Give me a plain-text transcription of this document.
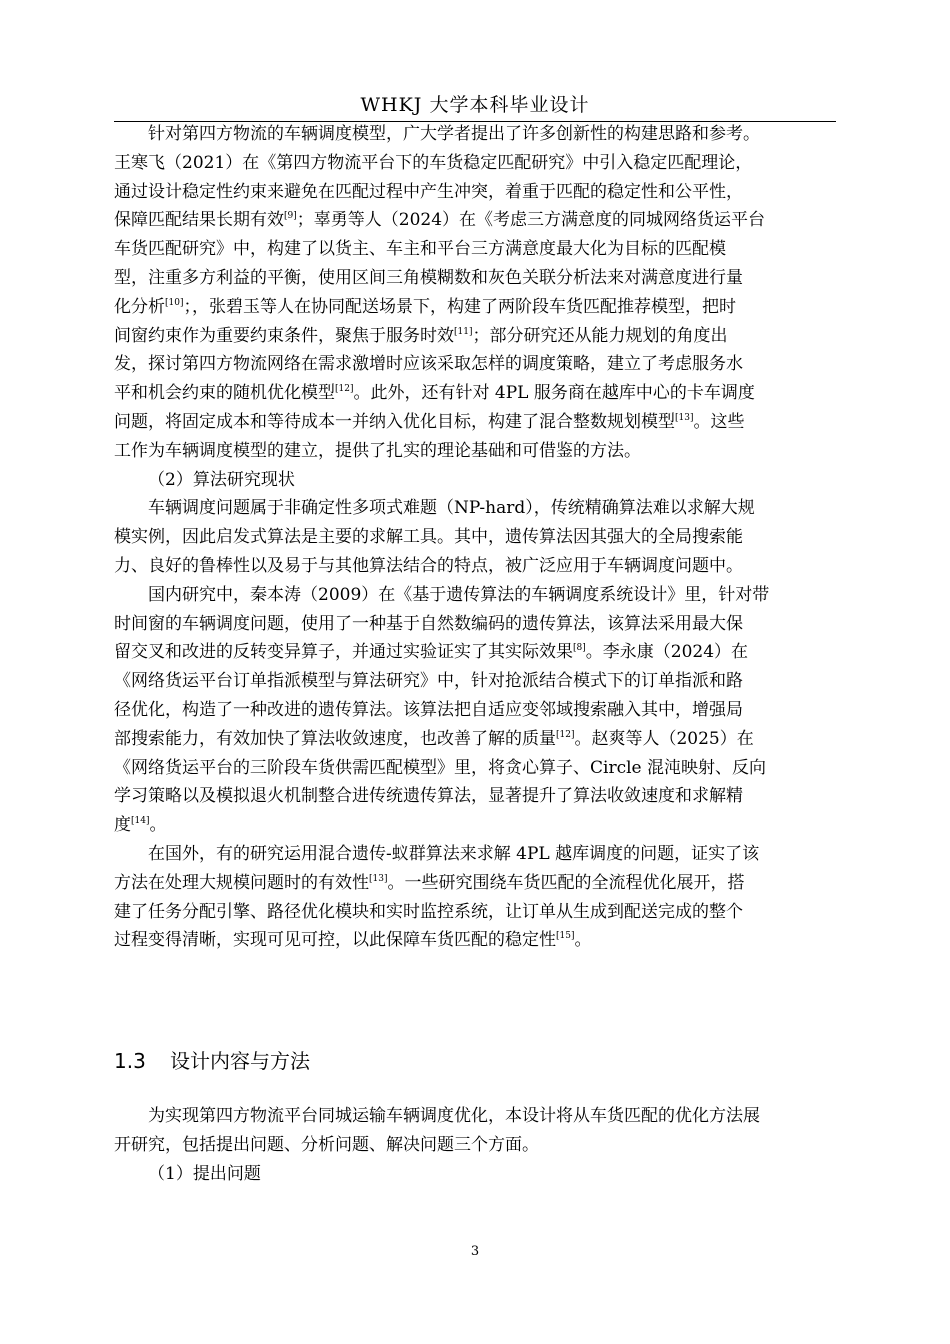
WHKJ 大学本科毕业设计
针对第四方物流的车辆调度模型，广大学者提出了许多创新性的构建思路和参考。
王寒飞（2021）在《第四方物流平台下的车货稳定匹配研究》中引入稳定匹配理论，
通过设计稳定性约束来避免在匹配过程中产生冲突，着重于匹配的稳定性和公平性，
保障匹配结果长期有效[9]；辜勇等人（2024）在《考虑三方满意度的同城网络货运平台
车货匹配研究》中，构建了以货主、车主和平台三方满意度最大化为目标的匹配模
型，注重多方利益的平衡，使用区间三角模糊数和灰色关联分析法来对满意度进行量
化分析[10]；，张碧玉等人在协同配送场景下，构建了两阶段车货匹配推荐模型，把时
间窗约束作为重要约束条件，聚焦于服务时效[11]；部分研究还从能力规划的角度出
发，探讨第四方物流网络在需求激增时应该采取怎样的调度策略，建立了考虑服务水
平和机会约束的随机优化模型[12]。此外，还有针对 4PL 服务商在越库中心的卡车调度
问题，将固定成本和等待成本一并纳入优化目标，构建了混合整数规划模型[13]。这些
工作为车辆调度模型的建立，提供了扎实的理论基础和可借鉴的方法。
（2）算法研究现状
车辆调度问题属于非确定性多项式难题（NP-hard），传统精确算法难以求解大规
模实例，因此启发式算法是主要的求解工具。其中，遗传算法因其强大的全局搜索能
力、良好的鲁棒性以及易于与其他算法结合的特点，被广泛应用于车辆调度问题中。
国内研究中，秦本涛（2009）在《基于遗传算法的车辆调度系统设计》里，针对带
时间窗的车辆调度问题，使用了一种基于自然数编码的遗传算法，该算法采用最大保
留交叉和改进的反转变异算子，并通过实验证实了其实际效果[8]。李永康（2024）在
《网络货运平台订单指派模型与算法研究》中，针对抢派结合模式下的订单指派和路
径优化，构造了一种改进的遗传算法。该算法把自适应变邻域搜索融入其中，增强局
部搜索能力，有效加快了算法收敛速度，也改善了解的质量[12]。赵爽等人（2025）在
《网络货运平台的三阶段车货供需匹配模型》里，将贪心算子、Circle 混沌映射、反向
学习策略以及模拟退火机制整合进传统遗传算法，显著提升了算法收敛速度和求解精
度[14]。
在国外，有的研究运用混合遗传-蚁群算法来求解 4PL 越库调度的问题，证实了该
方法在处理大规模问题时的有效性[13]。一些研究围绕车货匹配的全流程优化展开，搭
建了任务分配引擎、路径优化模块和实时监控系统，让订单从生成到配送完成的整个
过程变得清晰，实现可见可控，以此保障车货匹配的稳定性[15]。
1.3 设计内容与方法
为实现第四方物流平台同城运输车辆调度优化，本设计将从车货匹配的优化方法展
开研究，包括提出问题、分析问题、解决问题三个方面。
（1）提出问题
3
